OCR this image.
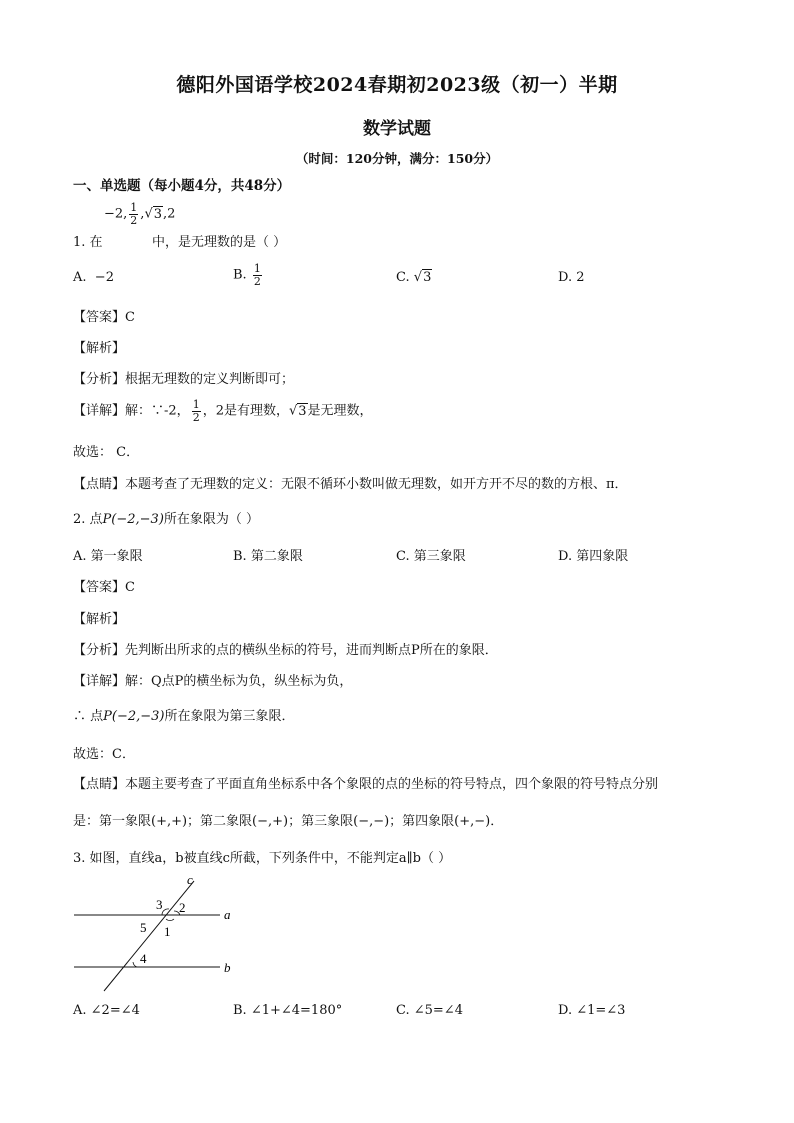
德阳外国语学校2024春期初2023级（初一）半期
数学试题
（时间：120分钟，满分：150分）
一、单选题（每小题4分，共48分）
−2, $\frac{1}{2} ,√3,2$
1. 在	中，是无理数的是（ ）
A. −2	B. $\frac{1}{2}$	C. √3	D. 2
【答案】C
【解析】
【分析】根据无理数的定义判断即可；
【详解】解：∵-2， $\frac{1}{2}$ ，2是有理数，√3是无理数，
故选： C．
【点睛】本题考查了无理数的定义：无限不循环小数叫做无理数，如开方开不尽的数的方根、π．
2. 点P(−2,−3)所在象限为（ ）
A. 第一象限	B. 第二象限	C. 第三象限	D. 第四象限
【答案】C
【解析】
【分析】先判断出所求的点的横纵坐标的符号，进而判断点P所在的象限．
【详解】解：Q点P的横坐标为负，纵坐标为负，
∴ 点P(−2,−3)所在象限为第三象限．
故选：C．
【点睛】本题主要考查了平面直角坐标系中各个象限的点的坐标的符号特点，四个象限的符号特点分别
是：第一象限(+,+)；第二象限(−,+)；第三象限(−,−)；第四象限(+,−)．
3. 如图，直线a，b被直线c所截，下列条件中，不能判定a∥b（ ）
c
a
b
3 2
5 1
4
A. ∠2=∠4	B. ∠1+∠4=180°	C. ∠5=∠4	D. ∠1=∠3
